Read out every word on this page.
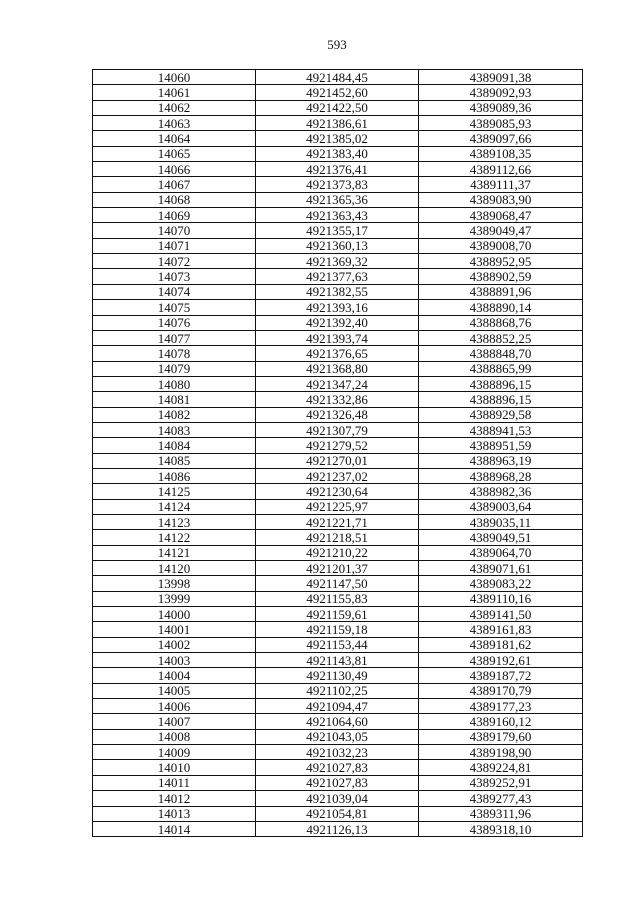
593
14060	4921484,45	4389091,38
14061	4921452,60	4389092,93
14062	4921422,50	4389089,36
14063	4921386,61	4389085,93
14064	4921385,02	4389097,66
14065	4921383,40	4389108,35
14066	4921376,41	4389112,66
14067	4921373,83	4389111,37
14068	4921365,36	4389083,90
14069	4921363,43	4389068,47
14070	4921355,17	4389049,47
14071	4921360,13	4389008,70
14072	4921369,32	4388952,95
14073	4921377,63	4388902,59
14074	4921382,55	4388891,96
14075	4921393,16	4388890,14
14076	4921392,40	4388868,76
14077	4921393,74	4388852,25
14078	4921376,65	4388848,70
14079	4921368,80	4388865,99
14080	4921347,24	4388896,15
14081	4921332,86	4388896,15
14082	4921326,48	4388929,58
14083	4921307,79	4388941,53
14084	4921279,52	4388951,59
14085	4921270,01	4388963,19
14086	4921237,02	4388968,28
14125	4921230,64	4388982,36
14124	4921225,97	4389003,64
14123	4921221,71	4389035,11
14122	4921218,51	4389049,51
14121	4921210,22	4389064,70
14120	4921201,37	4389071,61
13998	4921147,50	4389083,22
13999	4921155,83	4389110,16
14000	4921159,61	4389141,50
14001	4921159,18	4389161,83
14002	4921153,44	4389181,62
14003	4921143,81	4389192,61
14004	4921130,49	4389187,72
14005	4921102,25	4389170,79
14006	4921094,47	4389177,23
14007	4921064,60	4389160,12
14008	4921043,05	4389179,60
14009	4921032,23	4389198,90
14010	4921027,83	4389224,81
14011	4921027,83	4389252,91
14012	4921039,04	4389277,43
14013	4921054,81	4389311,96
14014	4921126,13	4389318,10
